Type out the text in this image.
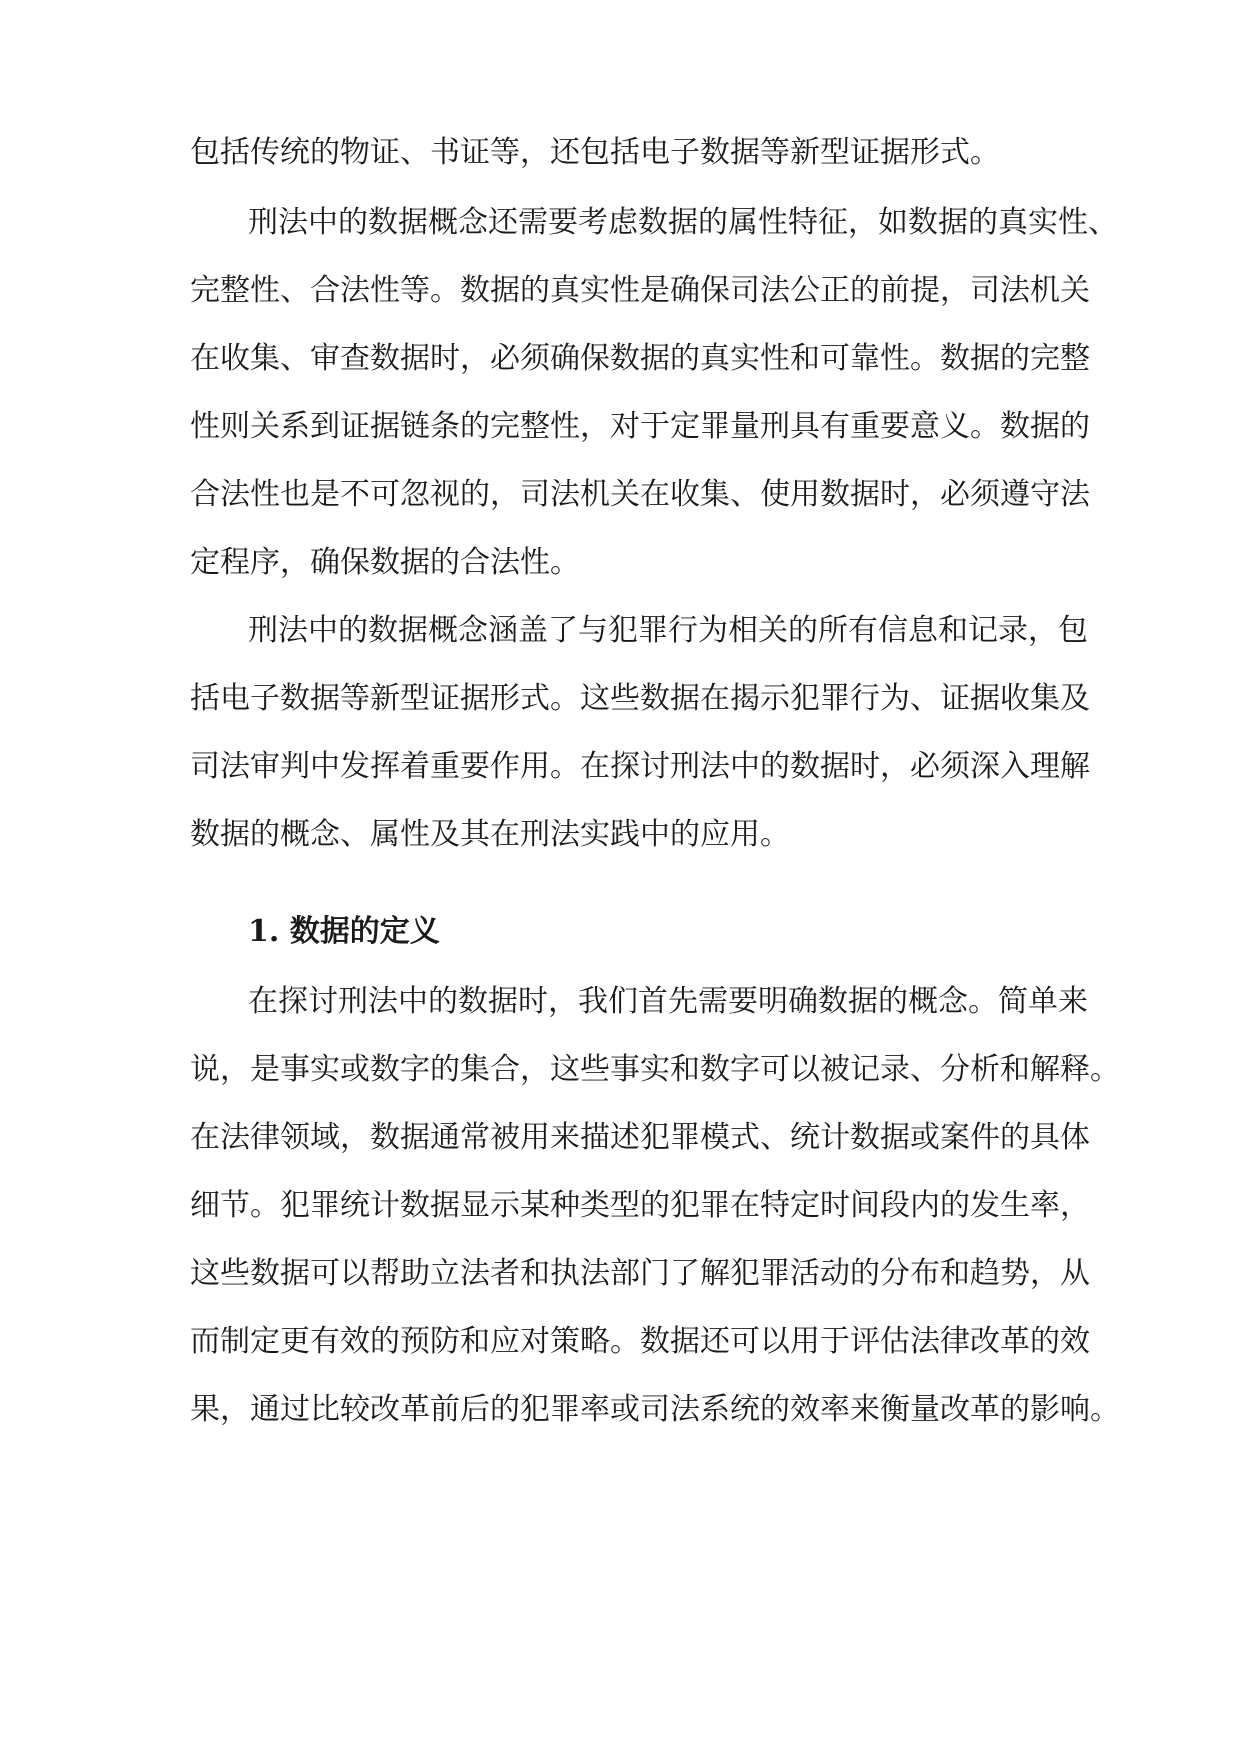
包括传统的物证、书证等，还包括电子数据等新型证据形式。
刑法中的数据概念还需要考虑数据的属性特征，如数据的真实性、
完整性、合法性等。数据的真实性是确保司法公正的前提，司法机关
在收集、审查数据时，必须确保数据的真实性和可靠性。数据的完整
性则关系到证据链条的完整性，对于定罪量刑具有重要意义。数据的
合法性也是不可忽视的，司法机关在收集、使用数据时，必须遵守法
定程序，确保数据的合法性。
刑法中的数据概念涵盖了与犯罪行为相关的所有信息和记录，包
括电子数据等新型证据形式。这些数据在揭示犯罪行为、证据收集及
司法审判中发挥着重要作用。在探讨刑法中的数据时，必须深入理解
数据的概念、属性及其在刑法实践中的应用。
1. 数据的定义
在探讨刑法中的数据时，我们首先需要明确数据的概念。简单来
说，是事实或数字的集合，这些事实和数字可以被记录、分析和解释。
在法律领域，数据通常被用来描述犯罪模式、统计数据或案件的具体
细节。犯罪统计数据显示某种类型的犯罪在特定时间段内的发生率，
这些数据可以帮助立法者和执法部门了解犯罪活动的分布和趋势，从
而制定更有效的预防和应对策略。数据还可以用于评估法律改革的效
果，通过比较改革前后的犯罪率或司法系统的效率来衡量改革的影响。
